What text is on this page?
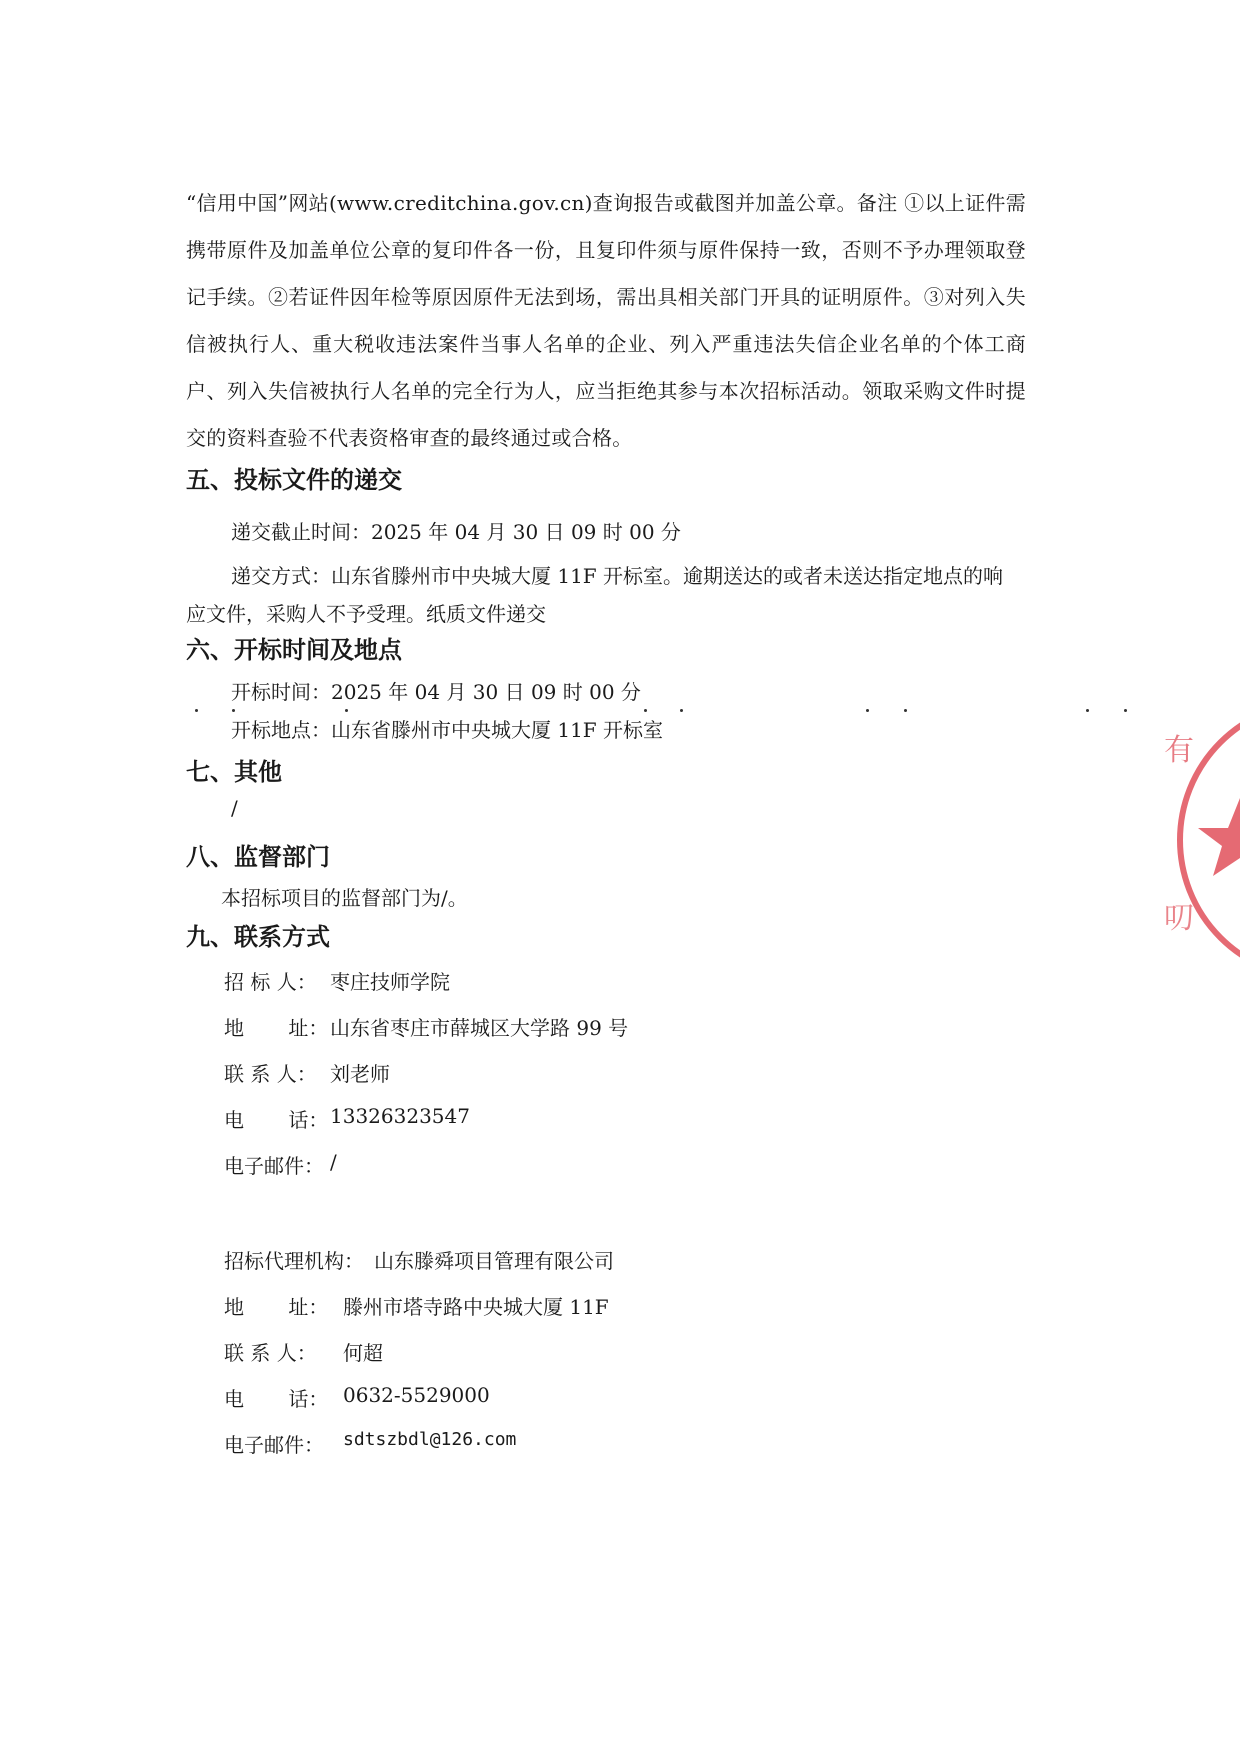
“信用中国”网站(www.creditchina.gov.cn)查询报告或截图并加盖公章。备注 ①以上证件需携带原件及加盖单位公章的复印件各一份，且复印件须与原件保持一致，否则不予办理领取登记手续。②若证件因年检等原因原件无法到场，需出具相关部门开具的证明原件。③对列入失信被执行人、重大税收违法案件当事人名单的企业、列入严重违法失信企业名单的个体工商户、列入失信被执行人名单的完全行为人，应当拒绝其参与本次招标活动。领取采购文件时提交的资料查验不代表资格审查的最终通过或合格。

五、投标文件的递交

递交截止时间：2025 年 04 月 30 日 09 时 00 分

递交方式：山东省滕州市中央城大厦 11F 开标室。逾期送达的或者未送达指定地点的响

应文件，采购人不予受理。纸质文件递交

六、开标时间及地点

开标时间：2025 年 04 月 30 日 09 时 00 分

开标地点：山东省滕州市中央城大厦 11F 开标室

七、其他

/

八、监督部门

本招标项目的监督部门为/。

九、联系方式
招 标 人： 枣庄技师学院
地 址： 山东省枣庄市薛城区大学路 99 号
联 系 人： 刘老师
电 话： 13326323547
电子邮件： /
招标代理机构： 山东滕舜项目管理有限公司
地 址： 滕州市塔寺路中央城大厦 11F
联 系 人： 何超
电 话： 0632-5529000
电子邮件： sdtszbdl@126.com
有
叨
